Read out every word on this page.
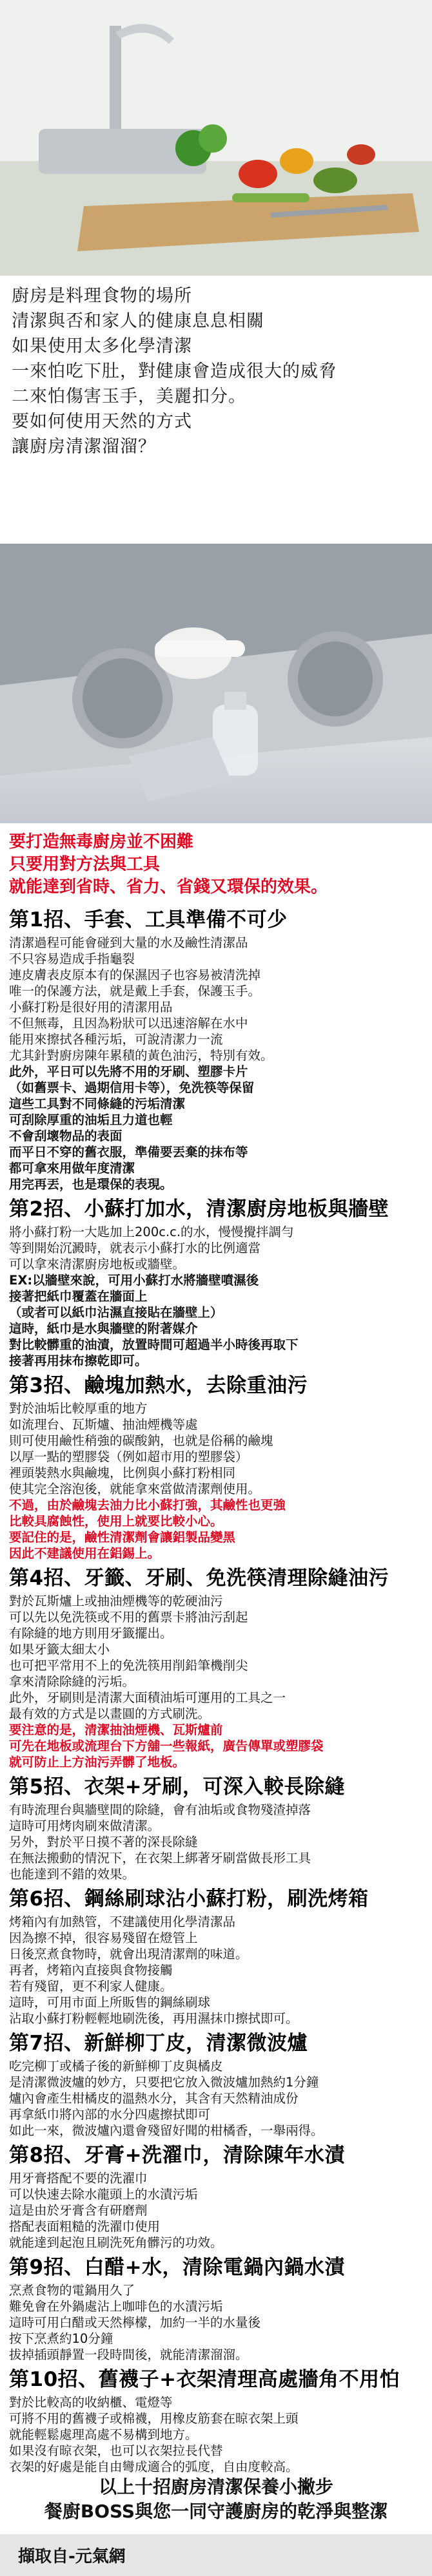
廚房是料理食物的場所

清潔與否和家人的健康息息相關

如果使用太多化學清潔

一來怕吃下肚，對健康會造成很大的威脅

二來怕傷害玉手，美麗扣分。

要如何使用天然的方式

讓廚房清潔溜溜？

要打造無毒廚房並不困難

只要用對方法與工具

就能達到省時、省力、省錢又環保的效果。

第1招、手套、工具準備不可少
清潔過程可能會碰到大量的水及鹼性清潔品
不只容易造成手指龜裂
連皮膚表皮原本有的保濕因子也容易被清洗掉
唯一的保護方法，就是戴上手套，保護玉手。
小蘇打粉是很好用的清潔用品
不但無毒，且因為粉狀可以迅速溶解在水中
能用來擦拭各種污垢，可說清潔力一流
尤其針對廚房陳年累積的黃色油污，特別有效。
此外，平日可以先將不用的牙刷、塑膠卡片
（如舊票卡、過期信用卡等），免洗筷等保留
這些工具對不同條縫的污垢清潔
可刮除厚重的油垢且力道也輕
不會刮壞物品的表面
而平日不穿的舊衣服，準備要丟棄的抹布等
都可拿來用做年度清潔
用完再丟，也是環保的表現。
第2招、小蘇打加水，清潔廚房地板與牆壁
將小蘇打粉一大匙加上200c.c.的水，慢慢攪拌調勻
等到開始沉澱時，就表示小蘇打水的比例適當
可以拿來清潔廚房地板或牆壁。
EX:以牆壁來說，可用小蘇打水將牆壁噴濕後
接著把紙巾覆蓋在牆面上
（或者可以紙巾沾濕直接貼在牆壁上）
這時，紙巾是水與牆壁的附著媒介
對比較髒重的油漬，放置時間可超過半小時後再取下
接著再用抹布擦乾即可。
第3招、鹼塊加熱水，去除重油污
對於油垢比較厚重的地方
如流理台、瓦斯爐、抽油煙機等處
則可使用鹼性稍強的碳酸鈉，也就是俗稱的鹼塊
以厚一點的塑膠袋（例如超市用的塑膠袋）
裡頭裝熱水與鹼塊，比例與小蘇打粉相同
使其完全溶泡後，就能拿來當做清潔劑使用。
不過，由於鹼塊去油力比小蘇打強，其鹼性也更強
比較具腐蝕性，使用上就要比較小心。
要記住的是，鹼性清潔劑會讓鋁製品變黑
因此不建議使用在鋁錫上。
第4招、牙籤、牙刷、免洗筷清理除縫油污
對於瓦斯爐上或抽油煙機等的乾硬油污
可以先以免洗筷或不用的舊票卡將油污刮起
有除縫的地方則用牙籤擺出。
如果牙籤太細太小
也可把平常用不上的免洗筷用削鉛筆機削尖
拿來清除除縫的污垢。
此外，牙刷則是清潔大面積油垢可運用的工具之一
最有效的方式是以畫圓的方式刷洗。
要注意的是，清潔抽油煙機、瓦斯爐前
可先在地板或流理台下方舖一些報紙，廣告傳單或塑膠袋
就可防止上方油污弄髒了地板。
第5招、衣架+牙刷，可深入較長除縫
有時流理台與牆壁間的除縫，會有油垢或食物殘渣掉落
這時可用烤肉刷來做清潔。
另外，對於平日摸不著的深長除縫
在無法搬動的情況下，在衣架上綁著牙刷當做長形工具
也能達到不錯的效果。
第6招、鋼絲刷球沾小蘇打粉，刷洗烤箱
烤箱內有加熱管，不建議使用化學清潔品
因為擦不掉，很容易殘留在燈管上
日後烹煮食物時，就會出現清潔劑的味道。
再者，烤箱內直接與食物接觸
若有殘留，更不利家人健康。
這時，可用市面上所販售的鋼絲刷球
沾取小蘇打粉輕輕地刷洗後，再用濕抹巾擦拭即可。
第7招、新鮮柳丁皮，清潔微波爐
吃完柳丁或橘子後的新鮮柳丁皮與橘皮
是清潔微波爐的妙方，只要把它放入微波爐加熱約1分鐘
爐內會產生柑橘皮的溫熱水分，其含有天然精油成份
再拿紙巾將內部的水分四處擦拭即可
如此一來，微波爐內還會殘留好聞的柑橘香，一舉兩得。
第8招、牙膏+洗濯巾，清除陳年水漬
用牙膏搭配不要的洗濯巾
可以快速去除水龍頭上的水漬污垢
這是由於牙膏含有研磨劑
搭配表面粗糙的洗濯巾使用
就能達到起泡且刷洗死角髒污的功效。
第9招、白醋+水，清除電鍋內鍋水漬
烹煮食物的電鍋用久了
難免會在外鍋處沾上咖啡色的水漬污垢
這時可用白醋或天然檸檬，加約一半的水量後
按下烹煮約10分鐘
拔掉插頭靜置一段時間後，就能清潔溜溜。
第10招、舊襪子+衣架清理高處牆角不用怕
對於比較高的收納櫃、電燈等
可將不用的舊襪子或棉襪，用橡皮筋套在晾衣架上頭
就能輕鬆處理高處不易構到地方。
如果沒有晾衣架，也可以衣架拉長代替
衣架的好處是能自由彎成適合的弧度，自由度較高。

以上十招廚房清潔保養小撇步

餐廚BOSS與您一同守護廚房的乾淨與整潔

擷取自-元氣網
